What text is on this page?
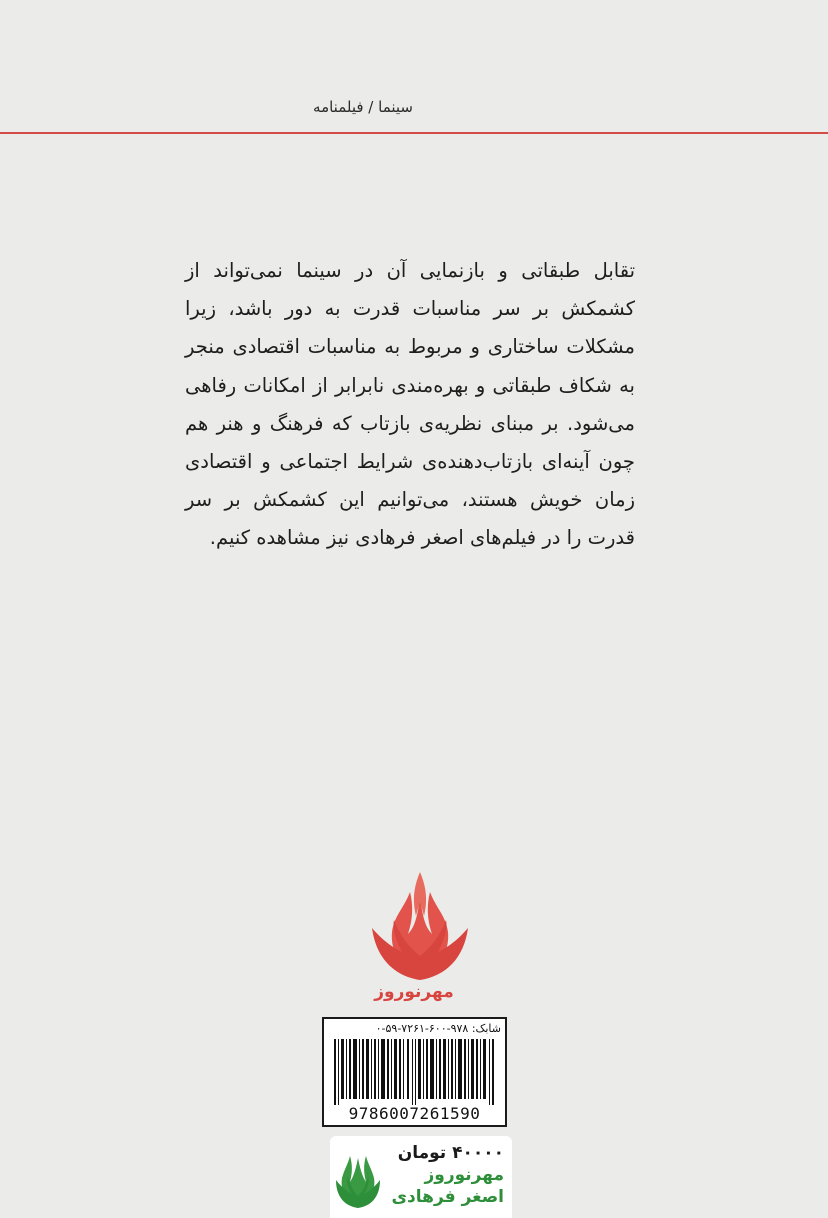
سینما / فیلمنامه

تقابل طبقاتی و بازنمایی آن در سینما نمی‌تواند از

کشمکش بر سر مناسبات قدرت به دور باشد، زیرا

مشکلات ساختاری و مربوط به مناسبات اقتصادی منجر

به شکاف طبقاتی و بهره‌مندی نابرابر از امکانات رفاهی

می‌شود. بر مبنای نظریه‌ی بازتاب که فرهنگ و هنر هم

چون آینه‌ای بازتاب‌دهنده‌ی شرایط اجتماعی و اقتصادی

زمان خویش هستند، می‌توانیم این کشمکش بر سر

قدرت را در فیلم‌های اصغر فرهادی نیز مشاهده کنیم.

مهرنوروز
شابک: ۰-۵۹-۷۲۶۱-۶۰۰-۹۷۸
9786007261590
۴۰۰۰۰ تومان
مهرنوروز
اصغر فرهادی
